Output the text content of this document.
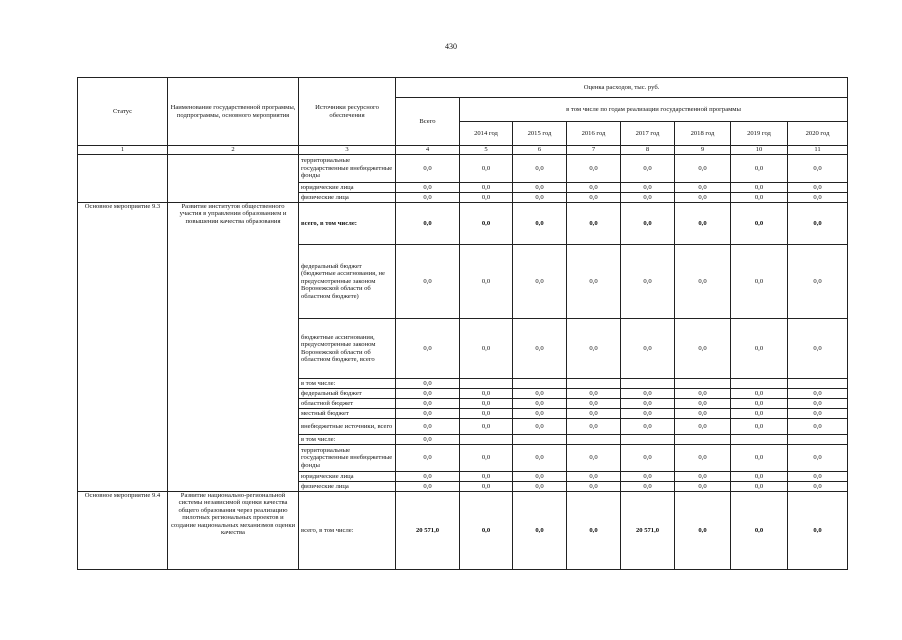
430
Статус	Наименование государственной программы, подпрограммы, основного мероприятия	Источники ресурсного обеспечения	Оценка расходов, тыс. руб.							
			Всего	в том числе по годам реализации государственной программы						
				2014 год	2015 год	2016 год	2017 год	2018 год	2019 год	2020 год
1	2	3	4	5	6	7	8	9	10	11
		территориальные государственные внебюджетные фонды	0,0	0,0	0,0	0,0	0,0	0,0	0,0	0,0
		юридические лица	0,0	0,0	0,0	0,0	0,0	0,0	0,0	0,0
		физические лица	0,0	0,0	0,0	0,0	0,0	0,0	0,0	0,0
Основное мероприятие 9.3	Развитие институтов общественного участия в управлении образованием и повышении качества образования	всего, в том числе:	0,0	0,0	0,0	0,0	0,0	0,0	0,0	0,0
		федеральный бюджет (бюджетные ассигнования, не предусмотренные законом Воронежской области об областном бюджете)	0,0	0,0	0,0	0,0	0,0	0,0	0,0	0,0
		бюджетные ассигнования, предусмотренные законом Воронежской области об областном бюджете, всего	0,0	0,0	0,0	0,0	0,0	0,0	0,0	0,0
		в том числе:	0,0							
		федеральный бюджет	0,0	0,0	0,0	0,0	0,0	0,0	0,0	0,0
		областной бюджет	0,0	0,0	0,0	0,0	0,0	0,0	0,0	0,0
		местный бюджет	0,0	0,0	0,0	0,0	0,0	0,0	0,0	0,0
		внебюджетные источники, всего	0,0	0,0	0,0	0,0	0,0	0,0	0,0	0,0
		в том числе:	0,0							
		территориальные государственные внебюджетные фонды	0,0	0,0	0,0	0,0	0,0	0,0	0,0	0,0
		юридические лица	0,0	0,0	0,0	0,0	0,0	0,0	0,0	0,0
		физические лица	0,0	0,0	0,0	0,0	0,0	0,0	0,0	0,0
Основное мероприятие 9.4	Развитие национально-региональной системы независимой оценки качества общего образования через реализацию пилотных региональных проектов и создание национальных механизмов оценки качества	всего, в том числе:	20 571,0	0,0	0,0	0,0	20 571,0	0,0	0,0	0,0
